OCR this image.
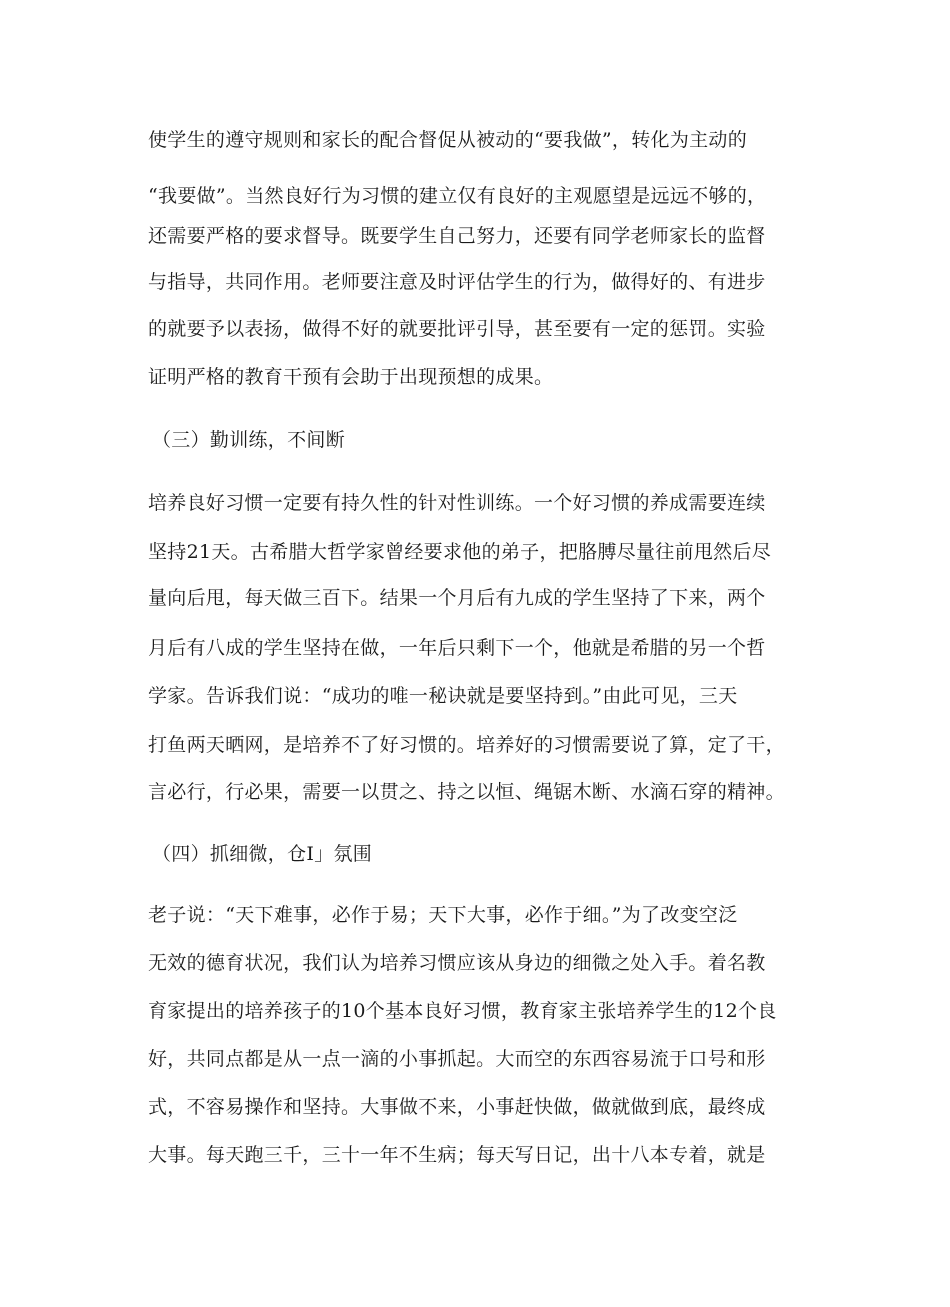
使学生的遵守规则和家长的配合督促从被动的“要我做”，转化为主动的
“我要做”。当然良好行为习惯的建立仅有良好的主观愿望是远远不够的，
还需要严格的要求督导。既要学生自己努力，还要有同学老师家长的监督
与指导，共同作用。老师要注意及时评估学生的行为，做得好的、有进步
的就要予以表扬，做得不好的就要批评引导，甚至要有一定的惩罚。实验
证明严格的教育干预有会助于出现预想的成果。
（三）勤训练，不间断
培养良好习惯一定要有持久性的针对性训练。一个好习惯的养成需要连续
坚持21天。古希腊大哲学家曾经要求他的弟子，把胳膊尽量往前甩然后尽
量向后甩，每天做三百下。结果一个月后有九成的学生坚持了下来，两个
月后有八成的学生坚持在做，一年后只剩下一个，他就是希腊的另一个哲
学家。告诉我们说：“成功的唯一秘诀就是要坚持到。”由此可见，三天
打鱼两天晒网，是培养不了好习惯的。培养好的习惯需要说了算，定了干，
言必行，行必果，需要一以贯之、持之以恒、绳锯木断、水滴石穿的精神。
（四）抓细微，仓I」氛围
老子说：“天下难事，必作于易；天下大事，必作于细。”为了改变空泛
无效的德育状况，我们认为培养习惯应该从身边的细微之处入手。着名教
育家提出的培养孩子的10个基本良好习惯，教育家主张培养学生的12个良
好，共同点都是从一点一滴的小事抓起。大而空的东西容易流于口号和形
式，不容易操作和坚持。大事做不来，小事赶快做，做就做到底，最终成
大事。每天跑三千，三十一年不生病；每天写日记，出十八本专着，就是
